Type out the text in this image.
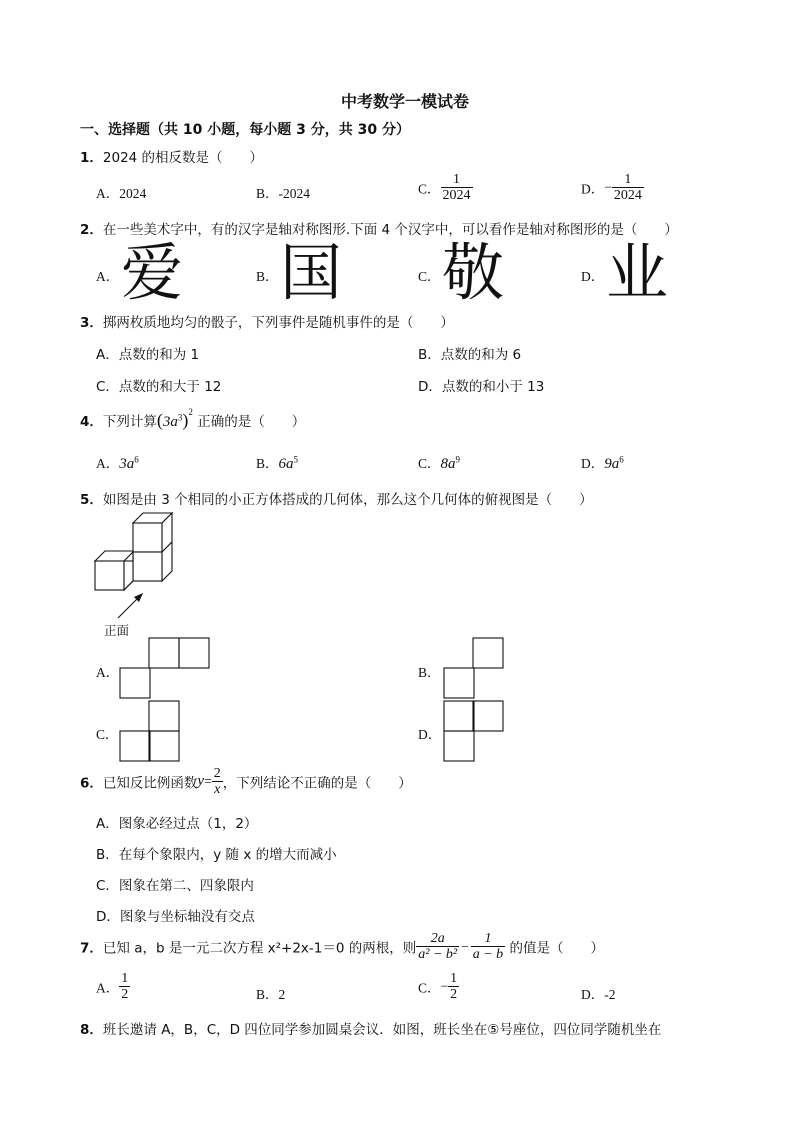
中考数学一模试卷
一、选择题（共 10 小题，每小题 3 分，共 30 分）
1．2024 的相反数是（　　）
A．2024	B．-2024	C． $\frac{1}{2024}$	D．− $\frac{1}{2024}$
2．在一些美术字中，有的汉字是轴对称图形.下面 4 个汉字中，可以看作是轴对称图形的是（　　）
A． 爱	B． 国	C． 敬	D． 业
3．掷两枚质地均匀的骰子，下列事件是随机事件的是（　　）
A．点数的和为 1	B．点数的和为 6
C．点数的和大于 12	D．点数的和小于 13
4．下列计算$(3a^3)^2$ 正确的是（　　）
A．$3a^6$	B．$6a^5$	C．$8a^9$	D．$9a^6$
5．如图是由 3 个相同的小正方体搭成的几何体，那么这个几何体的俯视图是（　　）
正面
A．	B．
C．	D．
6．已知反比例函数$y= \frac{2}{x}$ ，下列结论不正确的是（　　）
A．图象必经过点（1，2）
B．在每个象限内，y 随 x 的增大而减小
C．图象在第二、四象限内
D．图象与坐标轴没有交点
7．已知 a，b 是一元二次方程 x²+2x-1＝0 的两根，则 $\frac{2a}{\text{a² − b²}} - \frac{1}{a - b}$ 的值是（　　）
A． $\frac{1}{2}$	B．2	C．− $\frac{1}{2}$	D．-2
8．班长邀请 A，B，C，D 四位同学参加圆桌会议．如图，班长坐在⑤号座位，四位同学随机坐在
